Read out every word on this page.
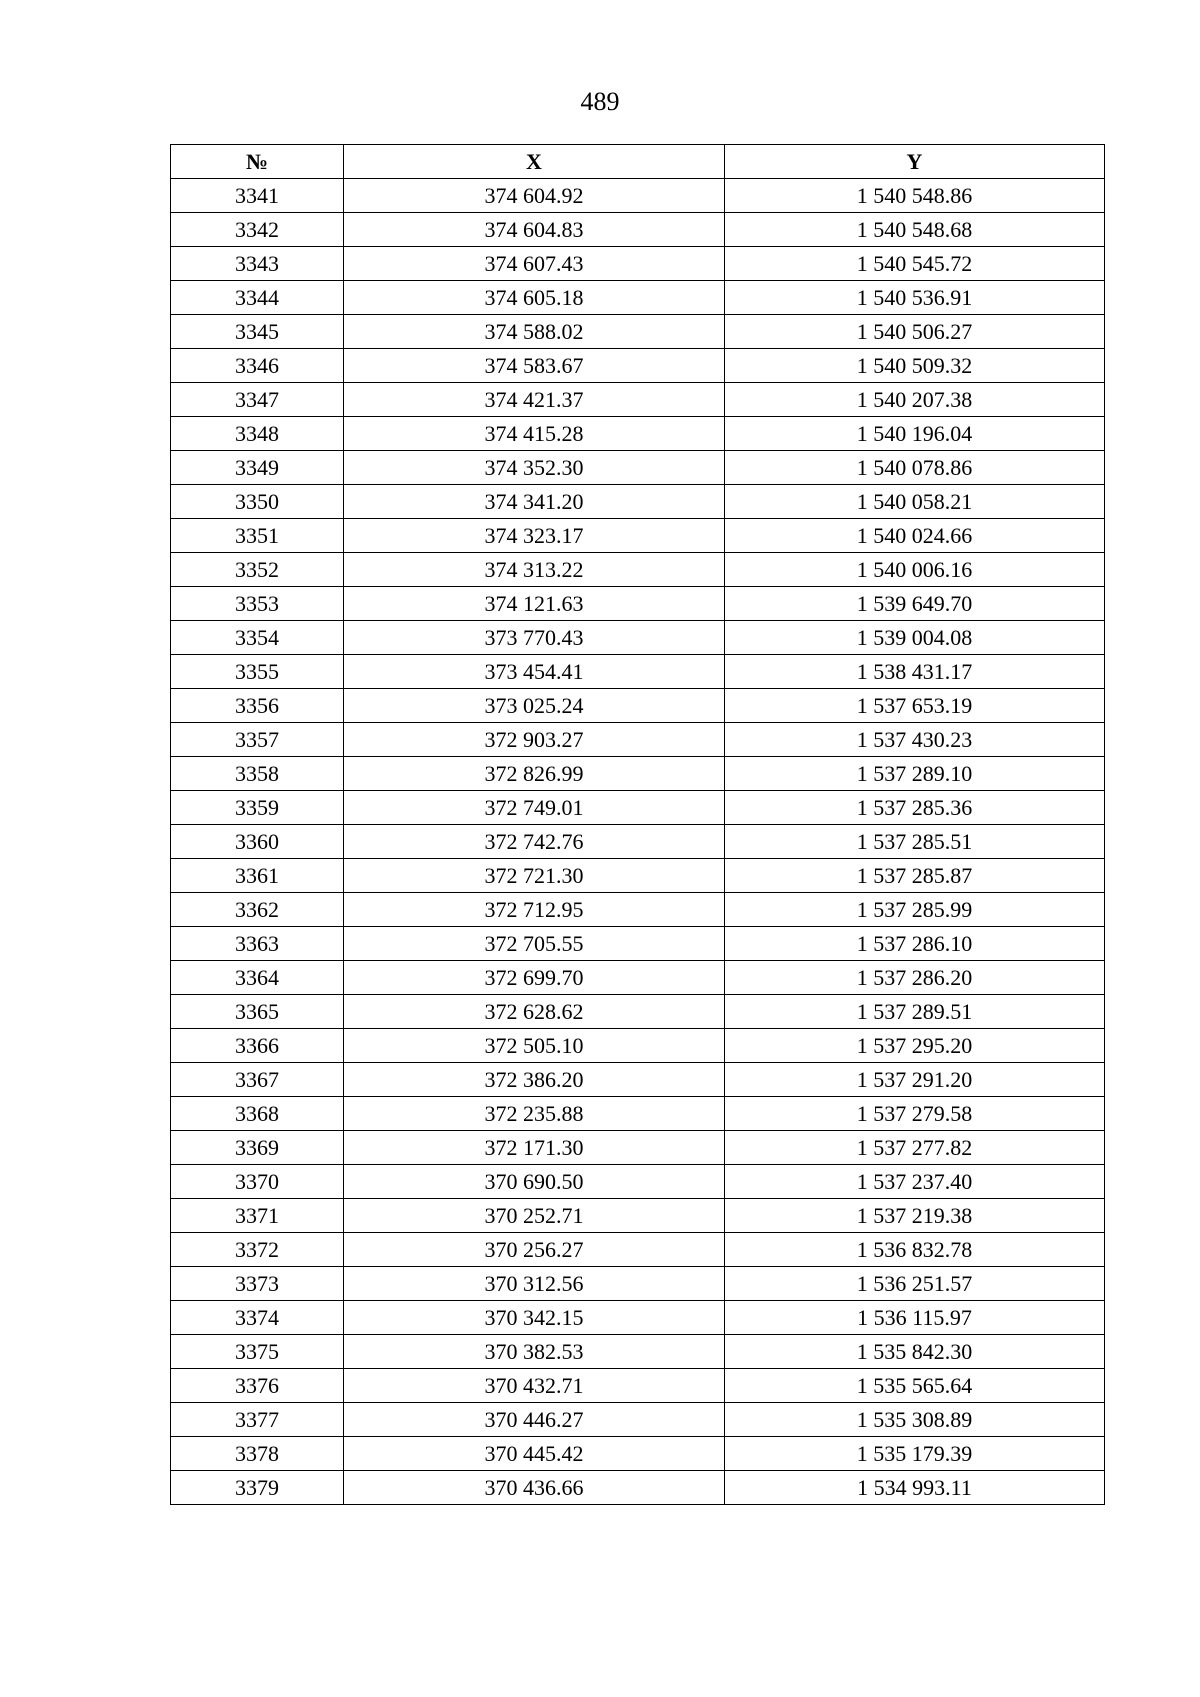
489
№	X	Y
3341	374 604.92	1 540 548.86
3342	374 604.83	1 540 548.68
3343	374 607.43	1 540 545.72
3344	374 605.18	1 540 536.91
3345	374 588.02	1 540 506.27
3346	374 583.67	1 540 509.32
3347	374 421.37	1 540 207.38
3348	374 415.28	1 540 196.04
3349	374 352.30	1 540 078.86
3350	374 341.20	1 540 058.21
3351	374 323.17	1 540 024.66
3352	374 313.22	1 540 006.16
3353	374 121.63	1 539 649.70
3354	373 770.43	1 539 004.08
3355	373 454.41	1 538 431.17
3356	373 025.24	1 537 653.19
3357	372 903.27	1 537 430.23
3358	372 826.99	1 537 289.10
3359	372 749.01	1 537 285.36
3360	372 742.76	1 537 285.51
3361	372 721.30	1 537 285.87
3362	372 712.95	1 537 285.99
3363	372 705.55	1 537 286.10
3364	372 699.70	1 537 286.20
3365	372 628.62	1 537 289.51
3366	372 505.10	1 537 295.20
3367	372 386.20	1 537 291.20
3368	372 235.88	1 537 279.58
3369	372 171.30	1 537 277.82
3370	370 690.50	1 537 237.40
3371	370 252.71	1 537 219.38
3372	370 256.27	1 536 832.78
3373	370 312.56	1 536 251.57
3374	370 342.15	1 536 115.97
3375	370 382.53	1 535 842.30
3376	370 432.71	1 535 565.64
3377	370 446.27	1 535 308.89
3378	370 445.42	1 535 179.39
3379	370 436.66	1 534 993.11
